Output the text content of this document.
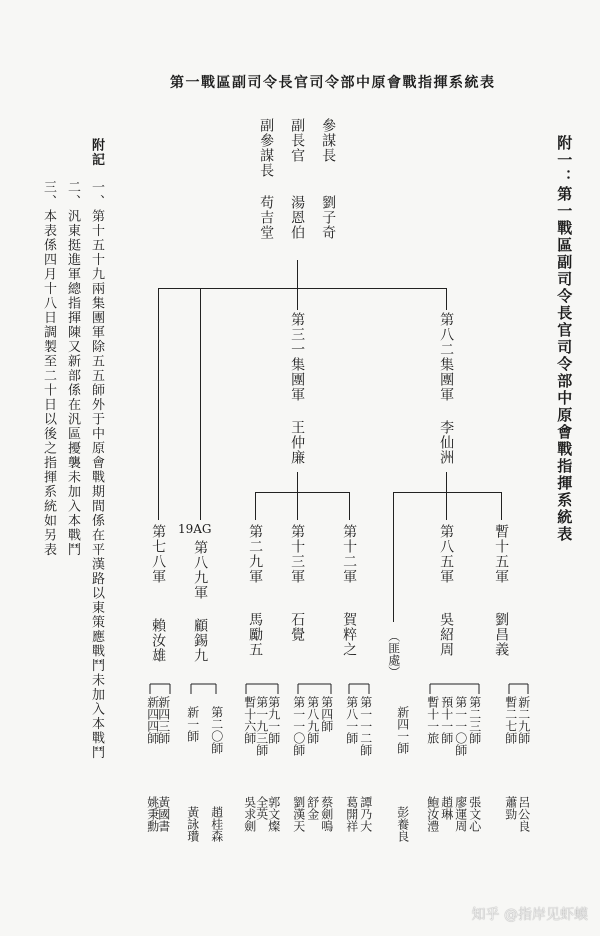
第一戰區副司令長官司令部中原會戰指揮系統表
附一：第一戰區副司令長官司令部中原會戰指揮系統表
附記
一、第十五十九兩集團軍除五五師外于中原會戰期間係在平漢路以東策應戰鬥未加入本戰鬥
二、汎東挺進軍總指揮陳又新部係在汎區擾襲未加入本戰鬥
三、本表係四月十八日調製至二十日以後之指揮系統如另表
參謀長
劉子奇
副長官
湯恩伯
副參謀長
苟吉堂
第三一集團軍
王仲廉
第八二集團軍
李仙洲
第七八軍
賴汝雄
19AG
第八九軍
顧錫九
第二九軍
馬勵五
第十三軍
石覺
第十二軍
賀粹之
第八五軍
吳紹周
暫十五軍
劉昌義
（匪處）
新四三師
黃國書
新四四師
姚秉勳
第二〇師
趙桂森
新一師
黃詠瓚
第九一師
郭文燦
第一九三師
全英
暫十六師
吳求劍
第四師
蔡劍鳴
第八九師
舒金
第一一〇師
劉漢天
第一一二師
譚乃大
第八一師
葛開祥
新四一師
彭養良
第二三師
張文心
第一一〇師
廖運周
預十一師
趙琳
暫十一旅
鮑汝澧
新二九師
呂公良
暫二七師
蕭勁
知乎 @指岸见虾蟆
